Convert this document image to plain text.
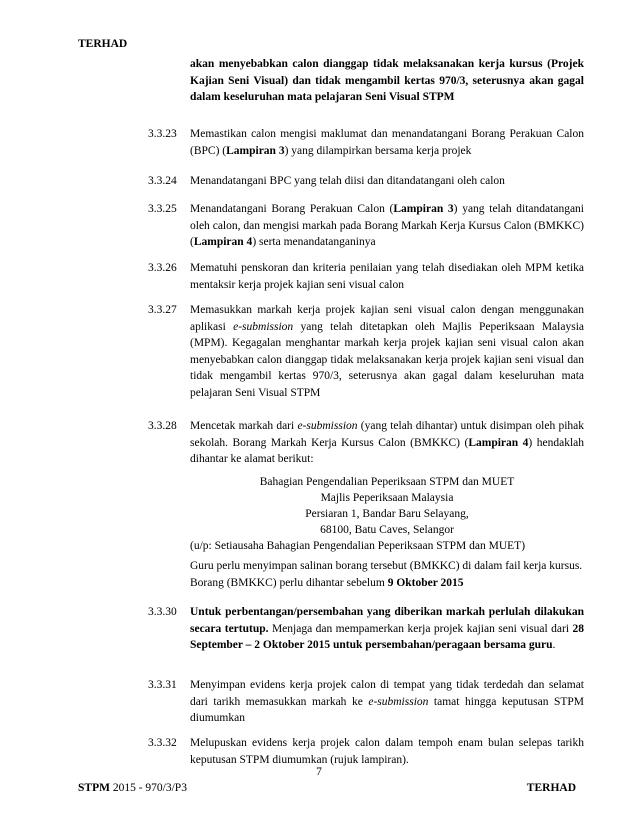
TERHAD
akan menyebabkan calon dianggap tidak melaksanakan kerja kursus (Projek Kajian Seni Visual) dan tidak mengambil kertas 970/3, seterusnya akan gagal dalam keseluruhan mata pelajaran Seni Visual STPM
3.3.23	Memastikan calon mengisi maklumat dan menandatangani Borang Perakuan Calon (BPC) (Lampiran 3) yang dilampirkan bersama kerja projek
3.3.24	Menandatangani BPC yang telah diisi dan ditandatangani oleh calon
3.3.25	Menandatangani Borang Perakuan Calon (Lampiran 3) yang telah ditandatangani oleh calon, dan mengisi markah pada Borang Markah Kerja Kursus Calon (BMKKC) (Lampiran 4) serta menandatanganinya
3.3.26	Mematuhi penskoran dan kriteria penilaian yang telah disediakan oleh MPM ketika mentaksir kerja projek kajian seni visual calon
3.3.27	Memasukkan markah kerja projek kajian seni visual calon dengan menggunakan aplikasi e-submission yang telah ditetapkan oleh Majlis Peperiksaan Malaysia (MPM). Kegagalan menghantar markah kerja projek kajian seni visual calon akan menyebabkan calon dianggap tidak melaksanakan kerja projek kajian seni visual dan tidak mengambil kertas 970/3, seterusnya akan gagal dalam keseluruhan mata pelajaran Seni Visual STPM
3.3.28	Mencetak markah dari e-submission (yang telah dihantar) untuk disimpan oleh pihak sekolah. Borang Markah Kerja Kursus Calon (BMKKC) (Lampiran 4) hendaklah dihantar ke alamat berikut:
Bahagian Pengendalian Peperiksaan STPM dan MUET
Majlis Peperiksaan Malaysia
Persiaran 1, Bandar Baru Selayang,
68100, Batu Caves, Selangor
(u/p: Setiausaha Bahagian Pengendalian Peperiksaan STPM dan MUET)
Guru perlu menyimpan salinan borang tersebut (BMKKC) di dalam fail kerja kursus. Borang (BMKKC) perlu dihantar sebelum 9 Oktober 2015
3.3.30	Untuk perbentangan/persembahan yang diberikan markah perlulah dilakukan secara tertutup. Menjaga dan mempamerkan kerja projek kajian seni visual dari 28 September – 2 Oktober 2015 untuk persembahan/peragaan bersama guru.
3.3.31	Menyimpan evidens kerja projek calon di tempat yang tidak terdedah dan selamat dari tarikh memasukkan markah ke e-submission tamat hingga keputusan STPM diumumkan
3.3.32	Melupuskan evidens kerja projek calon dalam tempoh enam bulan selepas tarikh keputusan STPM diumumkan (rujuk lampiran).
7
STPM 2015 - 970/3/P3	TERHAD
